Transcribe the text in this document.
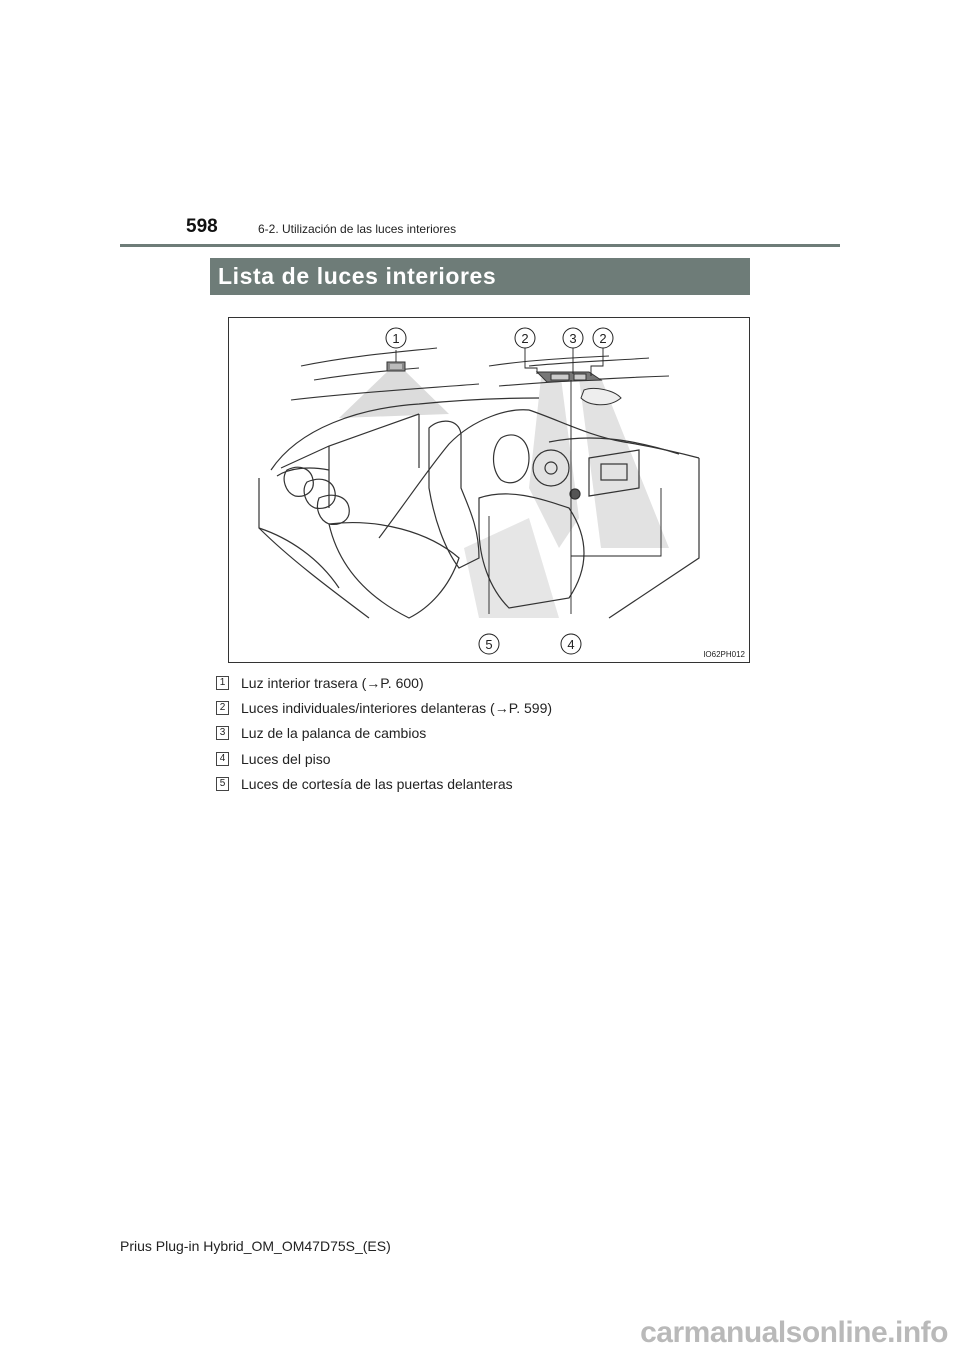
598	6-2. Utilización de las luces interiores
Lista de luces interiores
1	2	3 2
5	4
IO62PH012
1 Luz interior trasera (→P. 600)
2 Luces individuales/interiores delanteras (→P. 599)
3 Luz de la palanca de cambios
4 Luces del piso
5 Luces de cortesía de las puertas delanteras
Prius Plug-in Hybrid_OM_OM47D75S_(ES)
carmanualsonline.info
